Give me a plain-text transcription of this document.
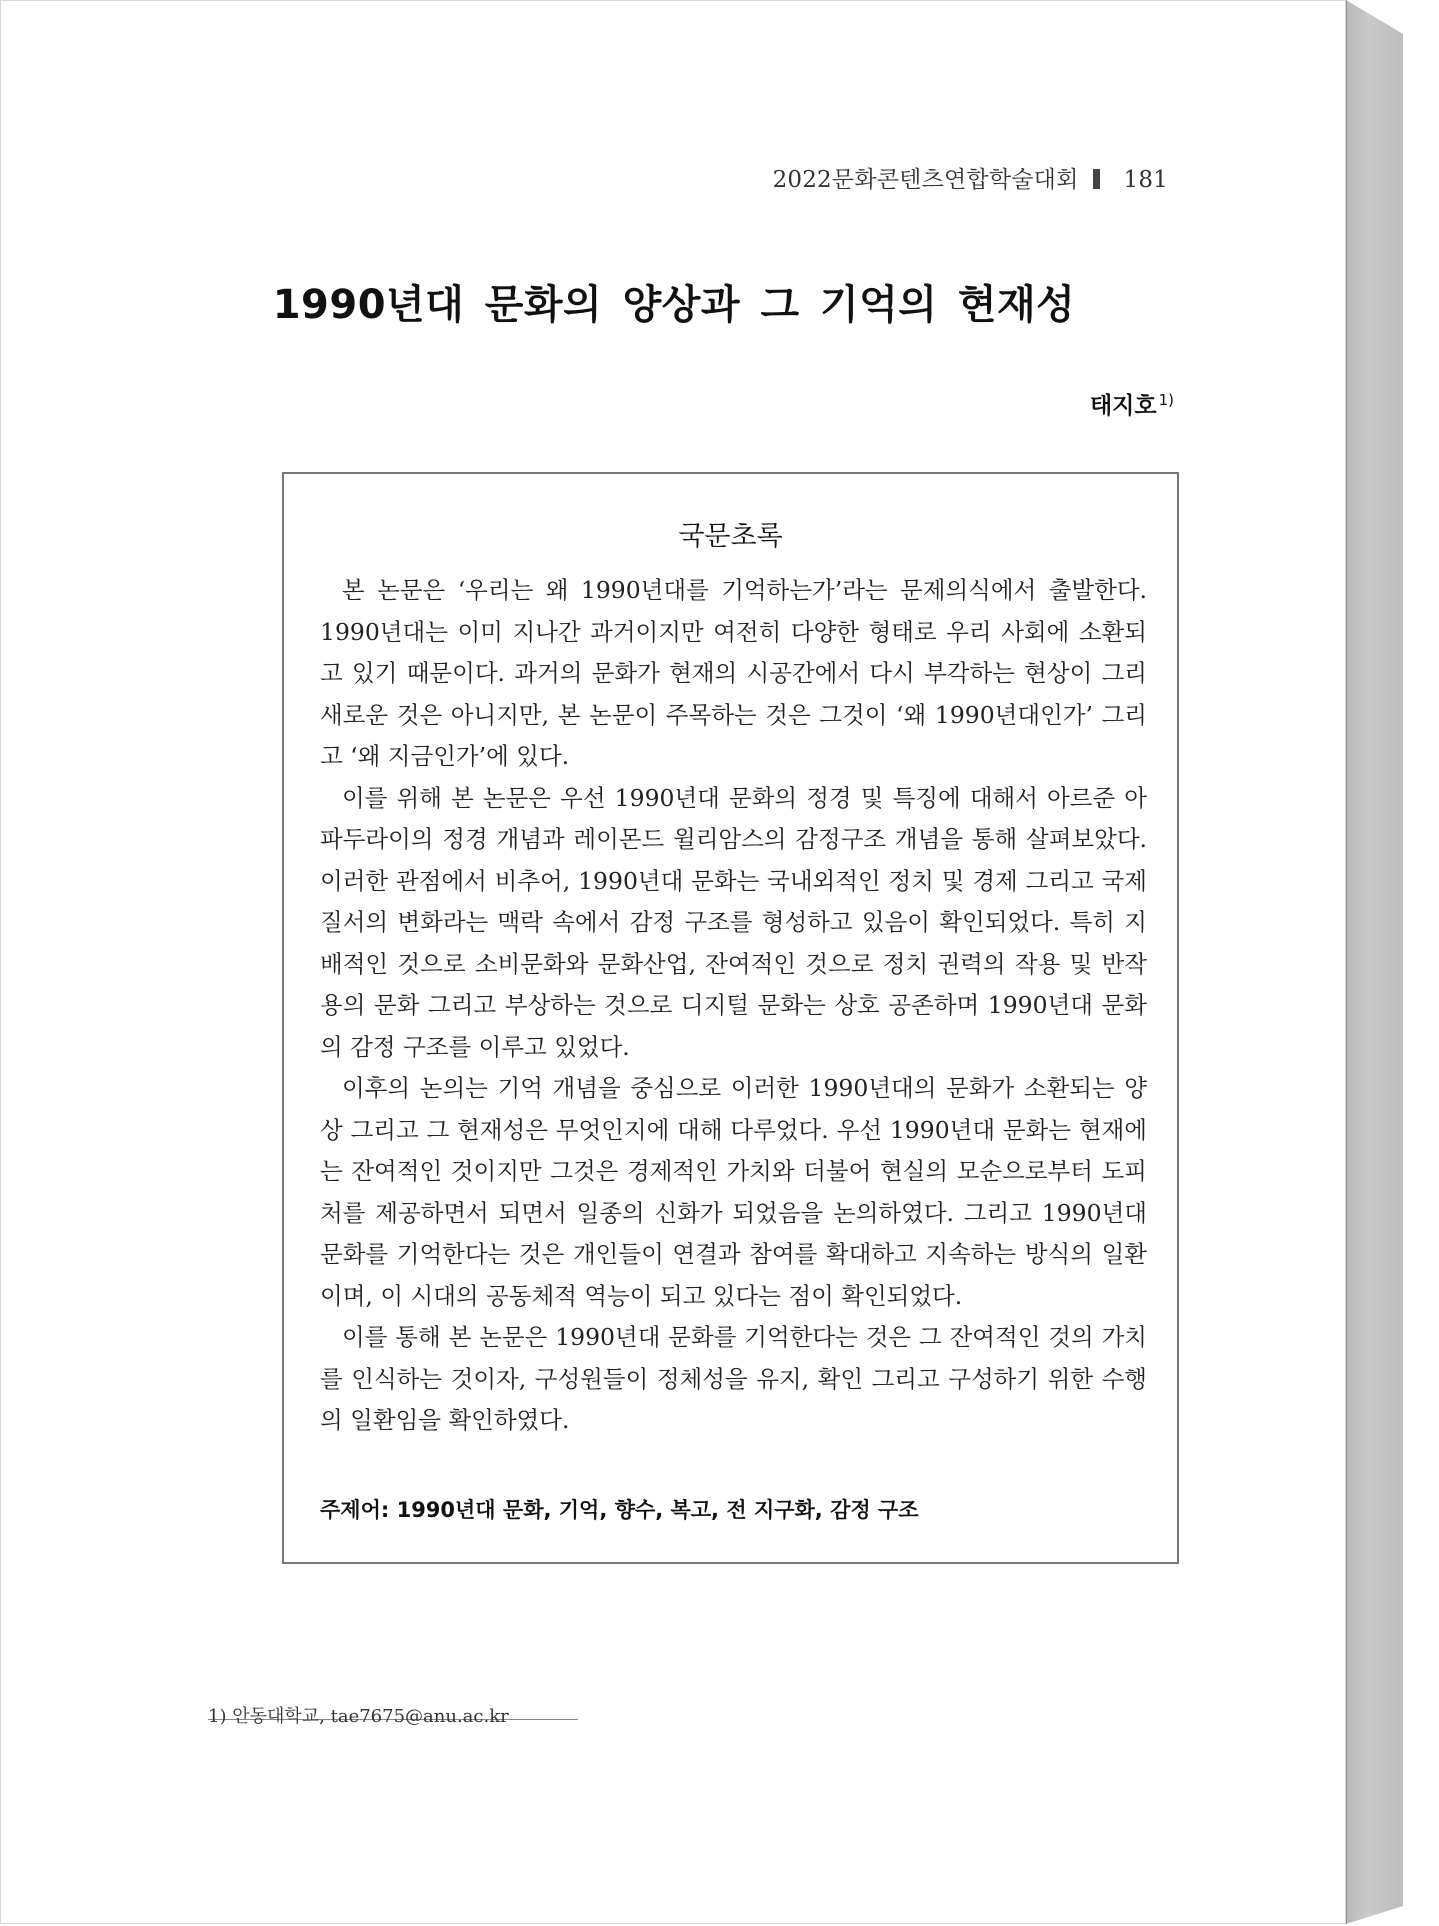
2022문화콘텐츠연합학술대회 181
1990년대 문화의 양상과 그 기억의 현재성
태지호 $^{1)}$
국문초록

본 논문은 ‘우리는 왜 1990년대를 기억하는가’라는 문제의식에서 출발한다. 1990년대는 이미 지나간 과거이지만 여전히 다양한 형태로 우리 사회에 소환되고 있기 때문이다. 과거의 문화가 현재의 시공간에서 다시 부각하는 현상이 그리 새로운 것은 아니지만, 본 논문이 주목하는 것은 그것이 ‘왜 1990년대인가’ 그리고 ‘왜 지금인가’에 있다.

이를 위해 본 논문은 우선 1990년대 문화의 정경 및 특징에 대해서 아르준 아파두라이의 정경 개념과 레이몬드 윌리암스의 감정구조 개념을 통해 살펴보았다. 이러한 관점에서 비추어, 1990년대 문화는 국내외적인 정치 및 경제 그리고 국제 질서의 변화라는 맥락 속에서 감정 구조를 형성하고 있음이 확인되었다. 특히 지배적인 것으로 소비문화와 문화산업, 잔여적인 것으로 정치 권력의 작용 및 반작용의 문화 그리고 부상하는 것으로 디지털 문화는 상호 공존하며 1990년대 문화의 감정 구조를 이루고 있었다.

이후의 논의는 기억 개념을 중심으로 이러한 1990년대의 문화가 소환되는 양상 그리고 그 현재성은 무엇인지에 대해 다루었다. 우선 1990년대 문화는 현재에는 잔여적인 것이지만 그것은 경제적인 가치와 더불어 현실의 모순으로부터 도피처를 제공하면서 되면서 일종의 신화가 되었음을 논의하였다. 그리고 1990년대 문화를 기억한다는 것은 개인들이 연결과 참여를 확대하고 지속하는 방식의 일환이며, 이 시대의 공동체적 역능이 되고 있다는 점이 확인되었다.

이를 통해 본 논문은 1990년대 문화를 기억한다는 것은 그 잔여적인 것의 가치를 인식하는 것이자, 구성원들이 정체성을 유지, 확인 그리고 구성하기 위한 수행의 일환임을 확인하였다.

주제어: 1990년대 문화, 기억, 향수, 복고, 전 지구화, 감정 구조
1) 안동대학교, tae7675@anu.ac.kr
